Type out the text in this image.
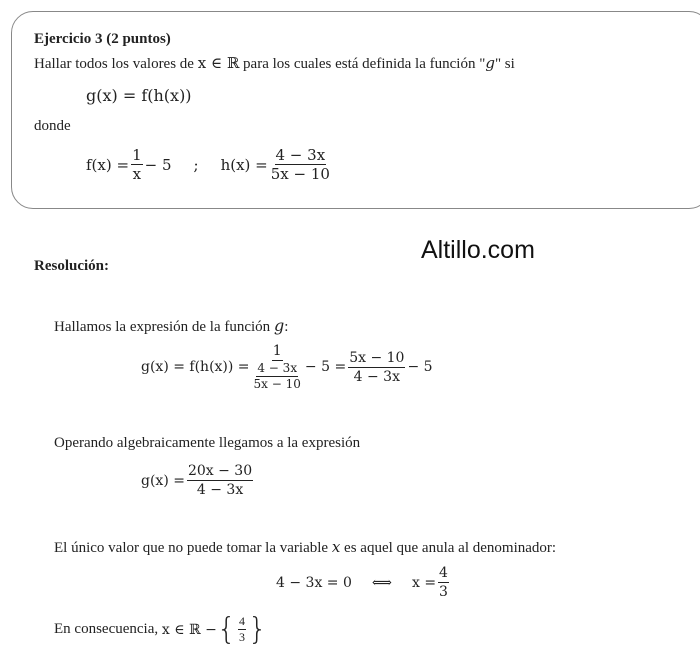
Ejercicio 3 (2 puntos)
Hallar todos los valores de x ∈ ℝ para los cuales está definida la función "g" si
g(x) = f(h(x))
donde
$f(x) = \frac{1}{x} - 5$ ; $h(x) = \frac{4 - 3x}{5x - 10}$
Altillo.com
Resolución:
Hallamos la expresión de la función g:
$g(x) = f(h(x)) = \frac{1}{\frac{4 - 3x}{5x - 10}} - 5 = \frac{5x - 10}{4 - 3x} - 5$
Operando algebraicamente llegamos a la expresión
$g(x) = \frac{20x - 30}{4 - 3x}$
El único valor que no puede tomar la variable x es aquel que anula al denominador:
4 − 3x = 0 ⟺ $x = \frac{4}{3}$
En consecuencia,
x ∈ ℝ − { $\frac{4}{3}$ }
